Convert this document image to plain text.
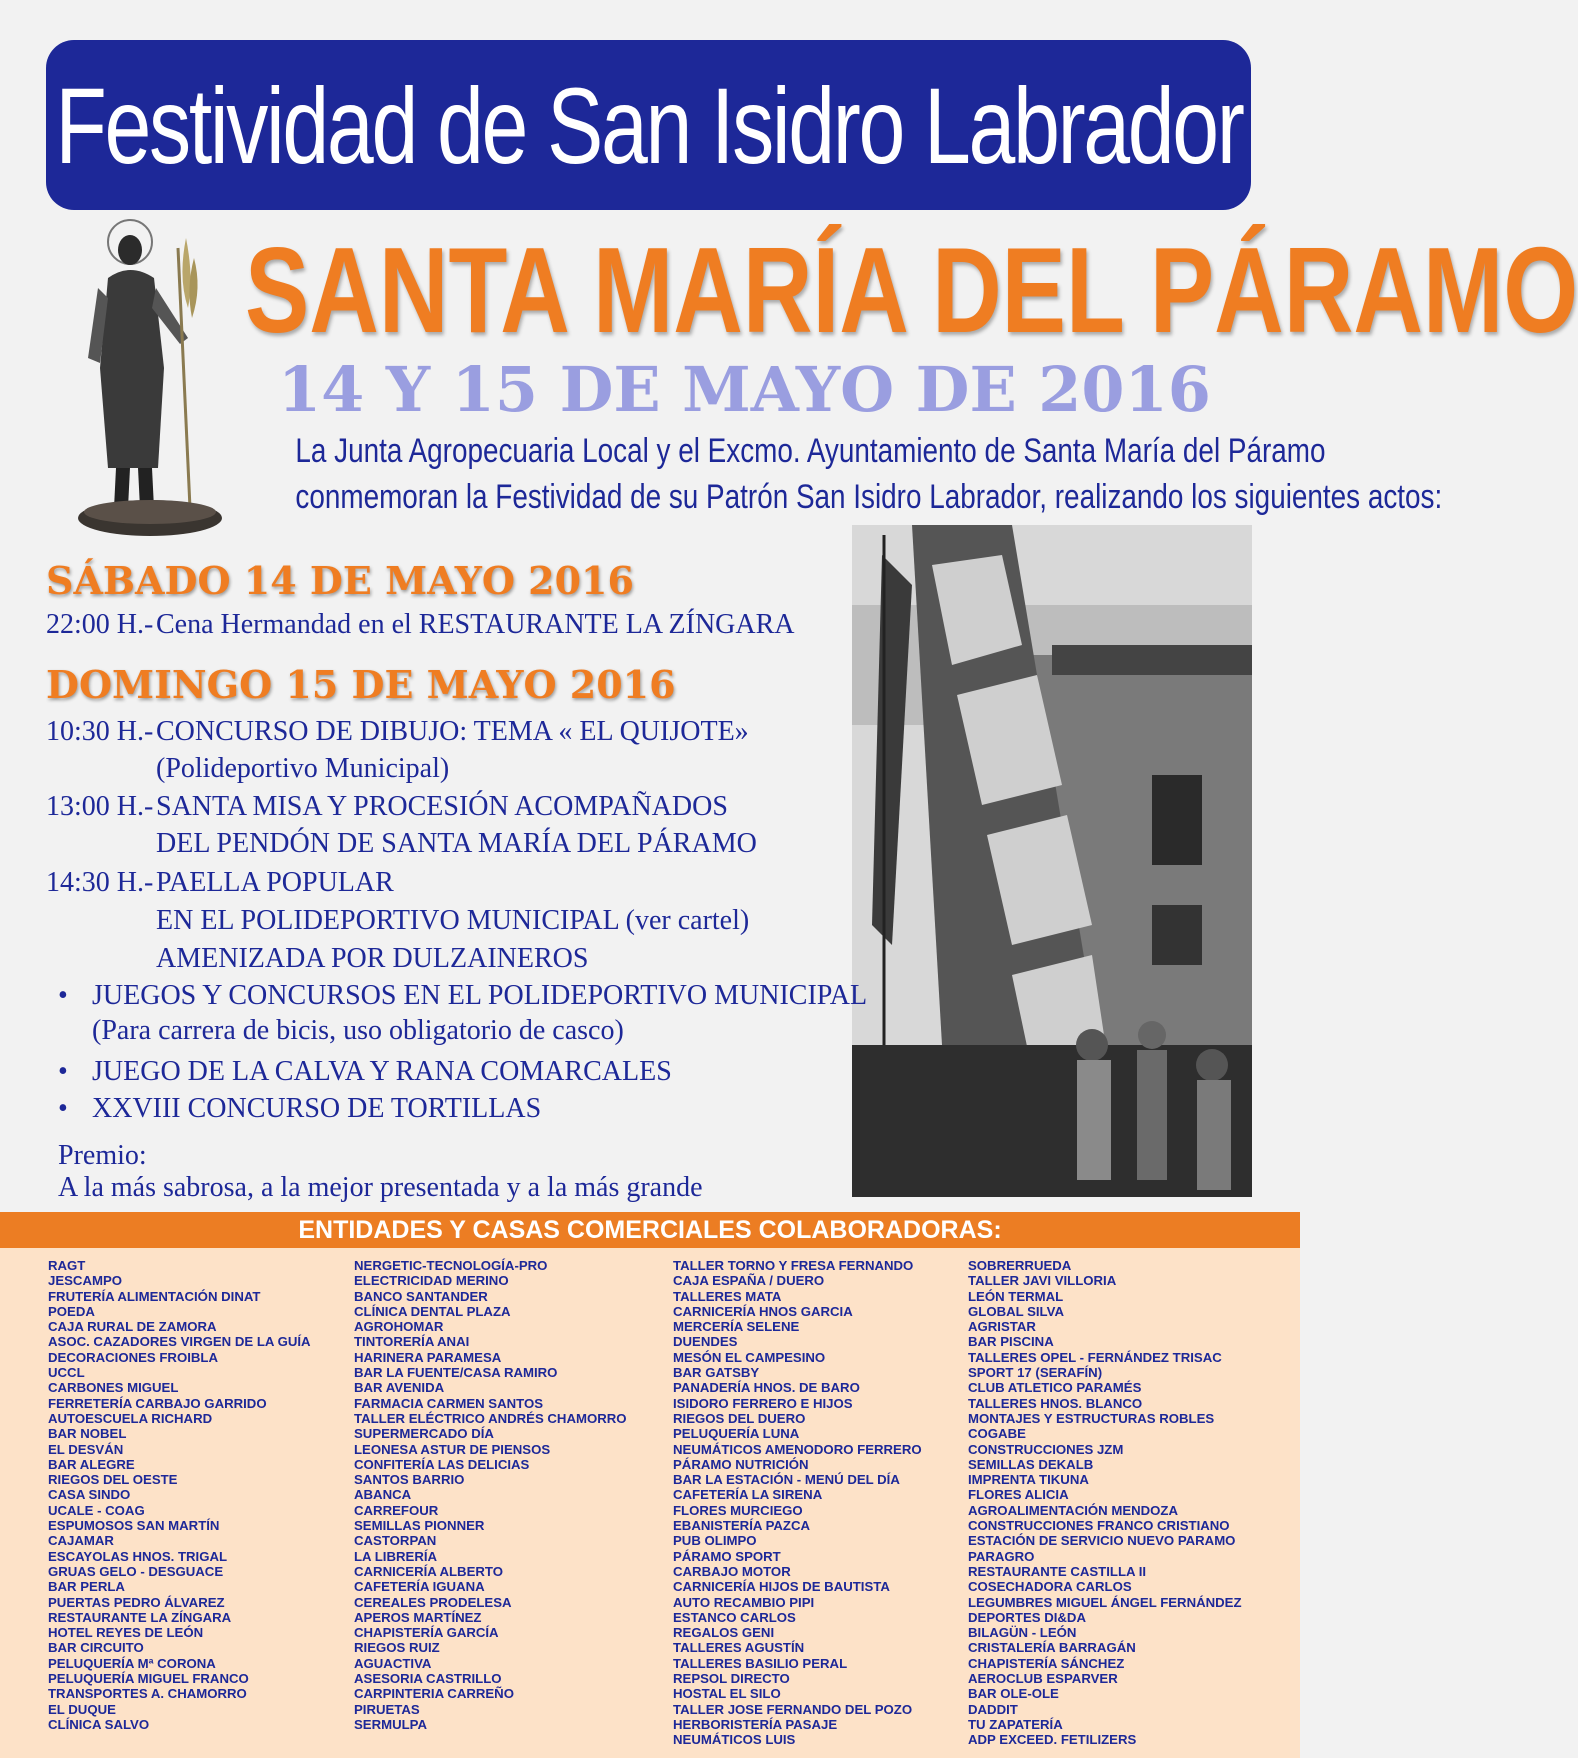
Festividad de San Isidro Labrador
SANTA MARÍA DEL PÁRAMO
14 Y 15 DE MAYO DE 2016
La Junta Agropecuaria Local y el Excmo. Ayuntamiento de Santa María del Páramo
conmemoran la Festividad de su Patrón San Isidro Labrador, realizando los siguientes actos:
SÁBADO 14 DE MAYO 2016
22:00 H.-Cena Hermandad en el RESTAURANTE LA ZÍNGARA
DOMINGO 15 DE MAYO 2016
10:30 H.-CONCURSO DE DIBUJO: TEMA « EL QUIJOTE»
(Polideportivo Municipal)
13:00 H.-SANTA MISA Y PROCESIÓN ACOMPAÑADOS
DEL PENDÓN DE SANTA MARÍA DEL PÁRAMO
14:30 H.-PAELLA POPULAR
EN EL POLIDEPORTIVO MUNICIPAL (ver cartel)
AMENIZADA POR DULZAINEROS
• JUEGOS Y CONCURSOS EN EL POLIDEPORTIVO MUNICIPAL
(Para carrera de bicis, uso obligatorio de casco)
• JUEGO DE LA CALVA Y RANA COMARCALES
• XXVIII CONCURSO DE TORTILLAS
Premio:
A la más sabrosa, a la mejor presentada y a la más grande
ENTIDADES Y CASAS COMERCIALES COLABORADORAS:
RAGT
JESCAMPO
FRUTERÍA ALIMENTACIÓN DINAT
POEDA
CAJA RURAL DE ZAMORA
ASOC. CAZADORES VIRGEN DE LA GUÍA
DECORACIONES FROIBLA
UCCL
CARBONES MIGUEL
FERRETERÍA CARBAJO GARRIDO
AUTOESCUELA RICHARD
BAR NOBEL
EL DESVÁN
BAR ALEGRE
RIEGOS DEL OESTE
CASA SINDO
UCALE - COAG
ESPUMOSOS SAN MARTÍN
CAJAMAR
ESCAYOLAS HNOS. TRIGAL
GRUAS GELO - DESGUACE
BAR PERLA
PUERTAS PEDRO ÁLVAREZ
RESTAURANTE LA ZÍNGARA
HOTEL REYES DE LEÓN
BAR CIRCUITO
PELUQUERÍA Mª CORONA
PELUQUERÍA MIGUEL FRANCO
TRANSPORTES A. CHAMORRO
EL DUQUE
CLÍNICA SALVO
NERGETIC-TECNOLOGÍA-PRO
ELECTRICIDAD MERINO
BANCO SANTANDER
CLÍNICA DENTAL PLAZA
AGROHOMAR
TINTORERÍA ANAI
HARINERA PARAMESA
BAR LA FUENTE/CASA RAMIRO
BAR AVENIDA
FARMACIA CARMEN SANTOS
TALLER ELÉCTRICO ANDRÉS CHAMORRO
SUPERMERCADO DÍA
LEONESA ASTUR DE PIENSOS
CONFITERÍA LAS DELICIAS
SANTOS BARRIO
ABANCA
CARREFOUR
SEMILLAS PIONNER
CASTORPAN
LA LIBRERÍA
CARNICERÍA ALBERTO
CAFETERÍA IGUANA
CEREALES PRODELESA
APEROS MARTÍNEZ
CHAPISTERÍA GARCÍA
RIEGOS RUIZ
AGUACTIVA
ASESORIA CASTRILLO
CARPINTERIA CARREÑO
PIRUETAS
SERMULPA
TALLER TORNO Y FRESA FERNANDO
CAJA ESPAÑA / DUERO
TALLERES MATA
CARNICERÍA HNOS GARCIA
MERCERÍA SELENE
DUENDES
MESÓN EL CAMPESINO
BAR GATSBY
PANADERÍA HNOS. DE BARO
ISIDORO FERRERO E HIJOS
RIEGOS DEL DUERO
PELUQUERÍA LUNA
NEUMÁTICOS AMENODORO FERRERO
PÁRAMO NUTRICIÓN
BAR LA ESTACIÓN - MENÚ DEL DÍA
CAFETERÍA LA SIRENA
FLORES MURCIEGO
EBANISTERÍA PAZCA
PUB OLIMPO
PÁRAMO SPORT
CARBAJO MOTOR
CARNICERÍA HIJOS DE BAUTISTA
AUTO RECAMBIO PIPI
ESTANCO CARLOS
REGALOS GENI
TALLERES AGUSTÍN
TALLERES BASILIO PERAL
REPSOL DIRECTO
HOSTAL EL SILO
TALLER JOSE FERNANDO DEL POZO
HERBORISTERÍA PASAJE
NEUMÁTICOS LUIS
SOBRERRUEDA
TALLER JAVI VILLORIA
LEÓN TERMAL
GLOBAL SILVA
AGRISTAR
BAR PISCINA
TALLERES OPEL - FERNÁNDEZ TRISAC
SPORT 17 (SERAFÍN)
CLUB ATLETICO PARAMÉS
TALLERES HNOS. BLANCO
MONTAJES Y ESTRUCTURAS ROBLES
COGABE
CONSTRUCCIONES JZM
SEMILLAS DEKALB
IMPRENTA TIKUNA
FLORES ALICIA
AGROALIMENTACIÓN MENDOZA
CONSTRUCCIONES FRANCO CRISTIANO
ESTACIÓN DE SERVICIO NUEVO PARAMO
PARAGRO
RESTAURANTE CASTILLA II
COSECHADORA CARLOS
LEGUMBRES MIGUEL ÁNGEL FERNÁNDEZ
DEPORTES DI&DA
BILAGÜN - LEÓN
CRISTALERÍA BARRAGÁN
CHAPISTERÍA SÁNCHEZ
AEROCLUB ESPARVER
BAR OLE-OLE
DADDIT
TU ZAPATERÍA
ADP EXCEED. FETILIZERS
